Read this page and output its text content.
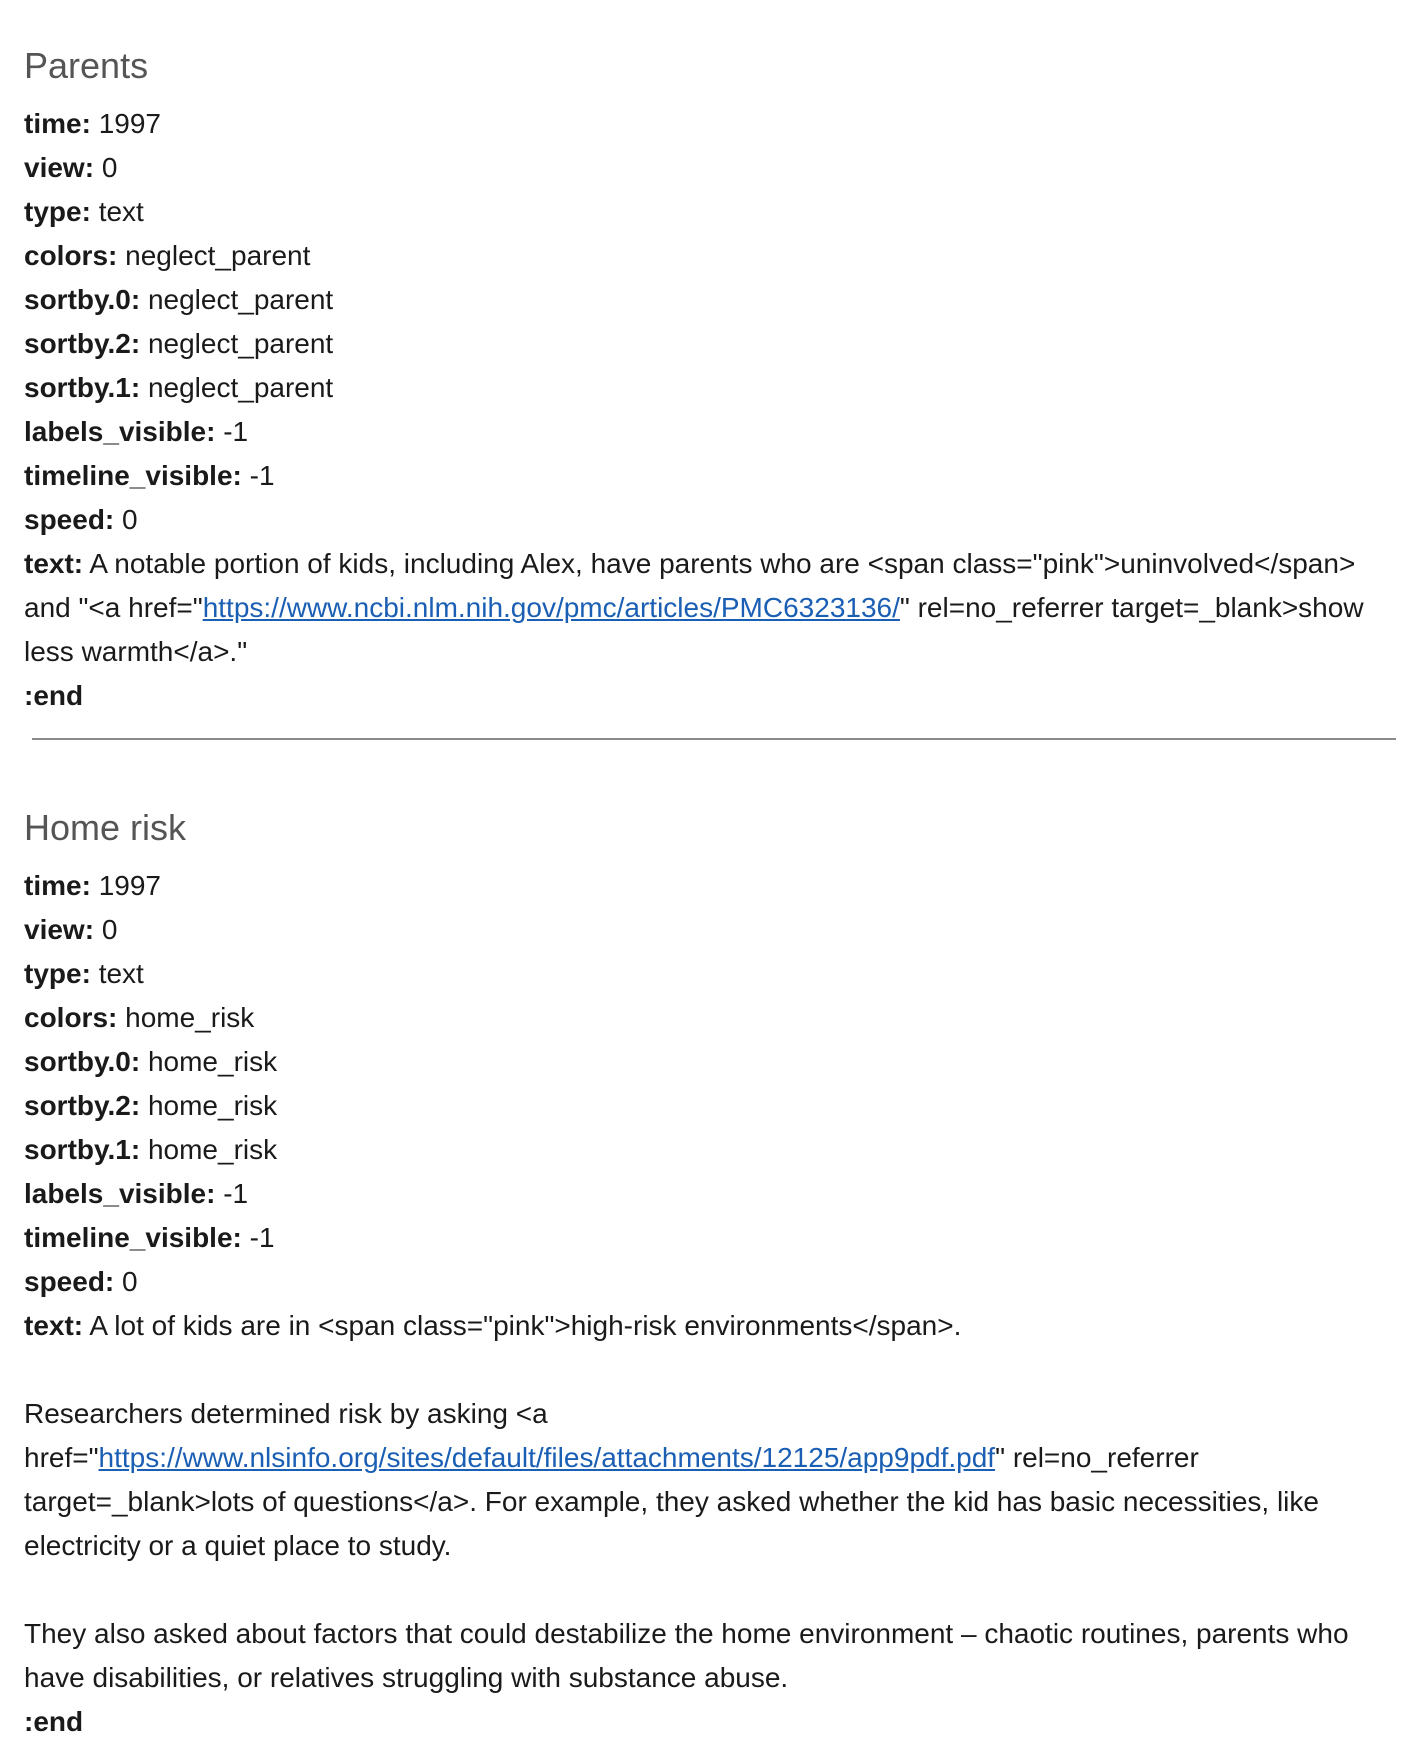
Parents

time: 1997

view: 0

type: text

colors: neglect_parent

sortby.0: neglect_parent

sortby.2: neglect_parent

sortby.1: neglect_parent

labels_visible: -1

timeline_visible: -1

speed: 0

text: A notable portion of kids, including Alex, have parents who are <span class="pink">uninvolved</span> and "<a href="https://www.ncbi.nlm.nih.gov/pmc/articles/PMC6323136/" rel=no_referrer target=_blank>show less warmth</a>."

:end

Home risk

time: 1997

view: 0

type: text

colors: home_risk

sortby.0: home_risk

sortby.2: home_risk

sortby.1: home_risk

labels_visible: -1

timeline_visible: -1

speed: 0

text: A lot of kids are in <span class="pink">high-risk environments</span>.
Researchers determined risk by asking <a href="https://www.nlsinfo.org/sites/default/files/attachments/12125/app9pdf.pdf" rel=no_referrer target=_blank>lots of questions</a>. For example, they asked whether the kid has basic necessities, like electricity or a quiet place to study.
They also asked about factors that could destabilize the home environment – chaotic routines, parents who have disabilities, or relatives struggling with substance abuse.

:end
